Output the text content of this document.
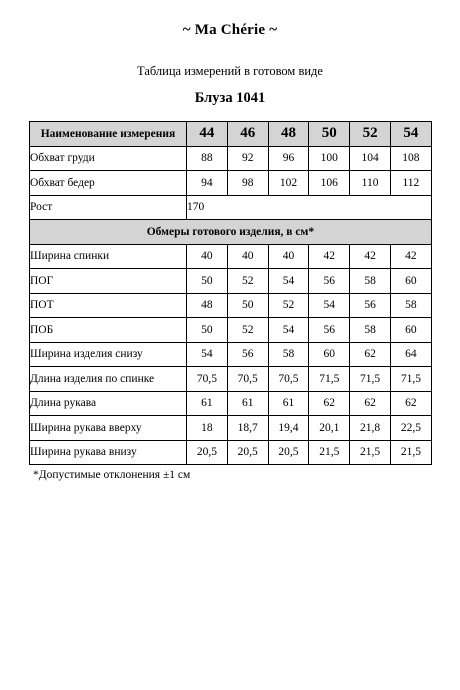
~ Ma Chérie ~
Таблица измерений в готовом виде
Блуза 1041
Наименование измерения	44	46	48	50	52	54
Обхват груди	88	92	96	100	104	108
Обхват бедер	94	98	102	106	110	112
Рост	170					
Обмеры готового изделия, в см*						
Ширина спинки	40	40	40	42	42	42
ПОГ	50	52	54	56	58	60
ПОТ	48	50	52	54	56	58
ПОБ	50	52	54	56	58	60
Ширина изделия снизу	54	56	58	60	62	64
Длина изделия по спинке	70,5	70,5	70,5	71,5	71,5	71,5
Длина рукава	61	61	61	62	62	62
Ширина рукава вверху	18	18,7	19,4	20,1	21,8	22,5
Ширина рукава внизу	20,5	20,5	20,5	21,5	21,5	21,5
*Допустимые отклонения ±1 см
